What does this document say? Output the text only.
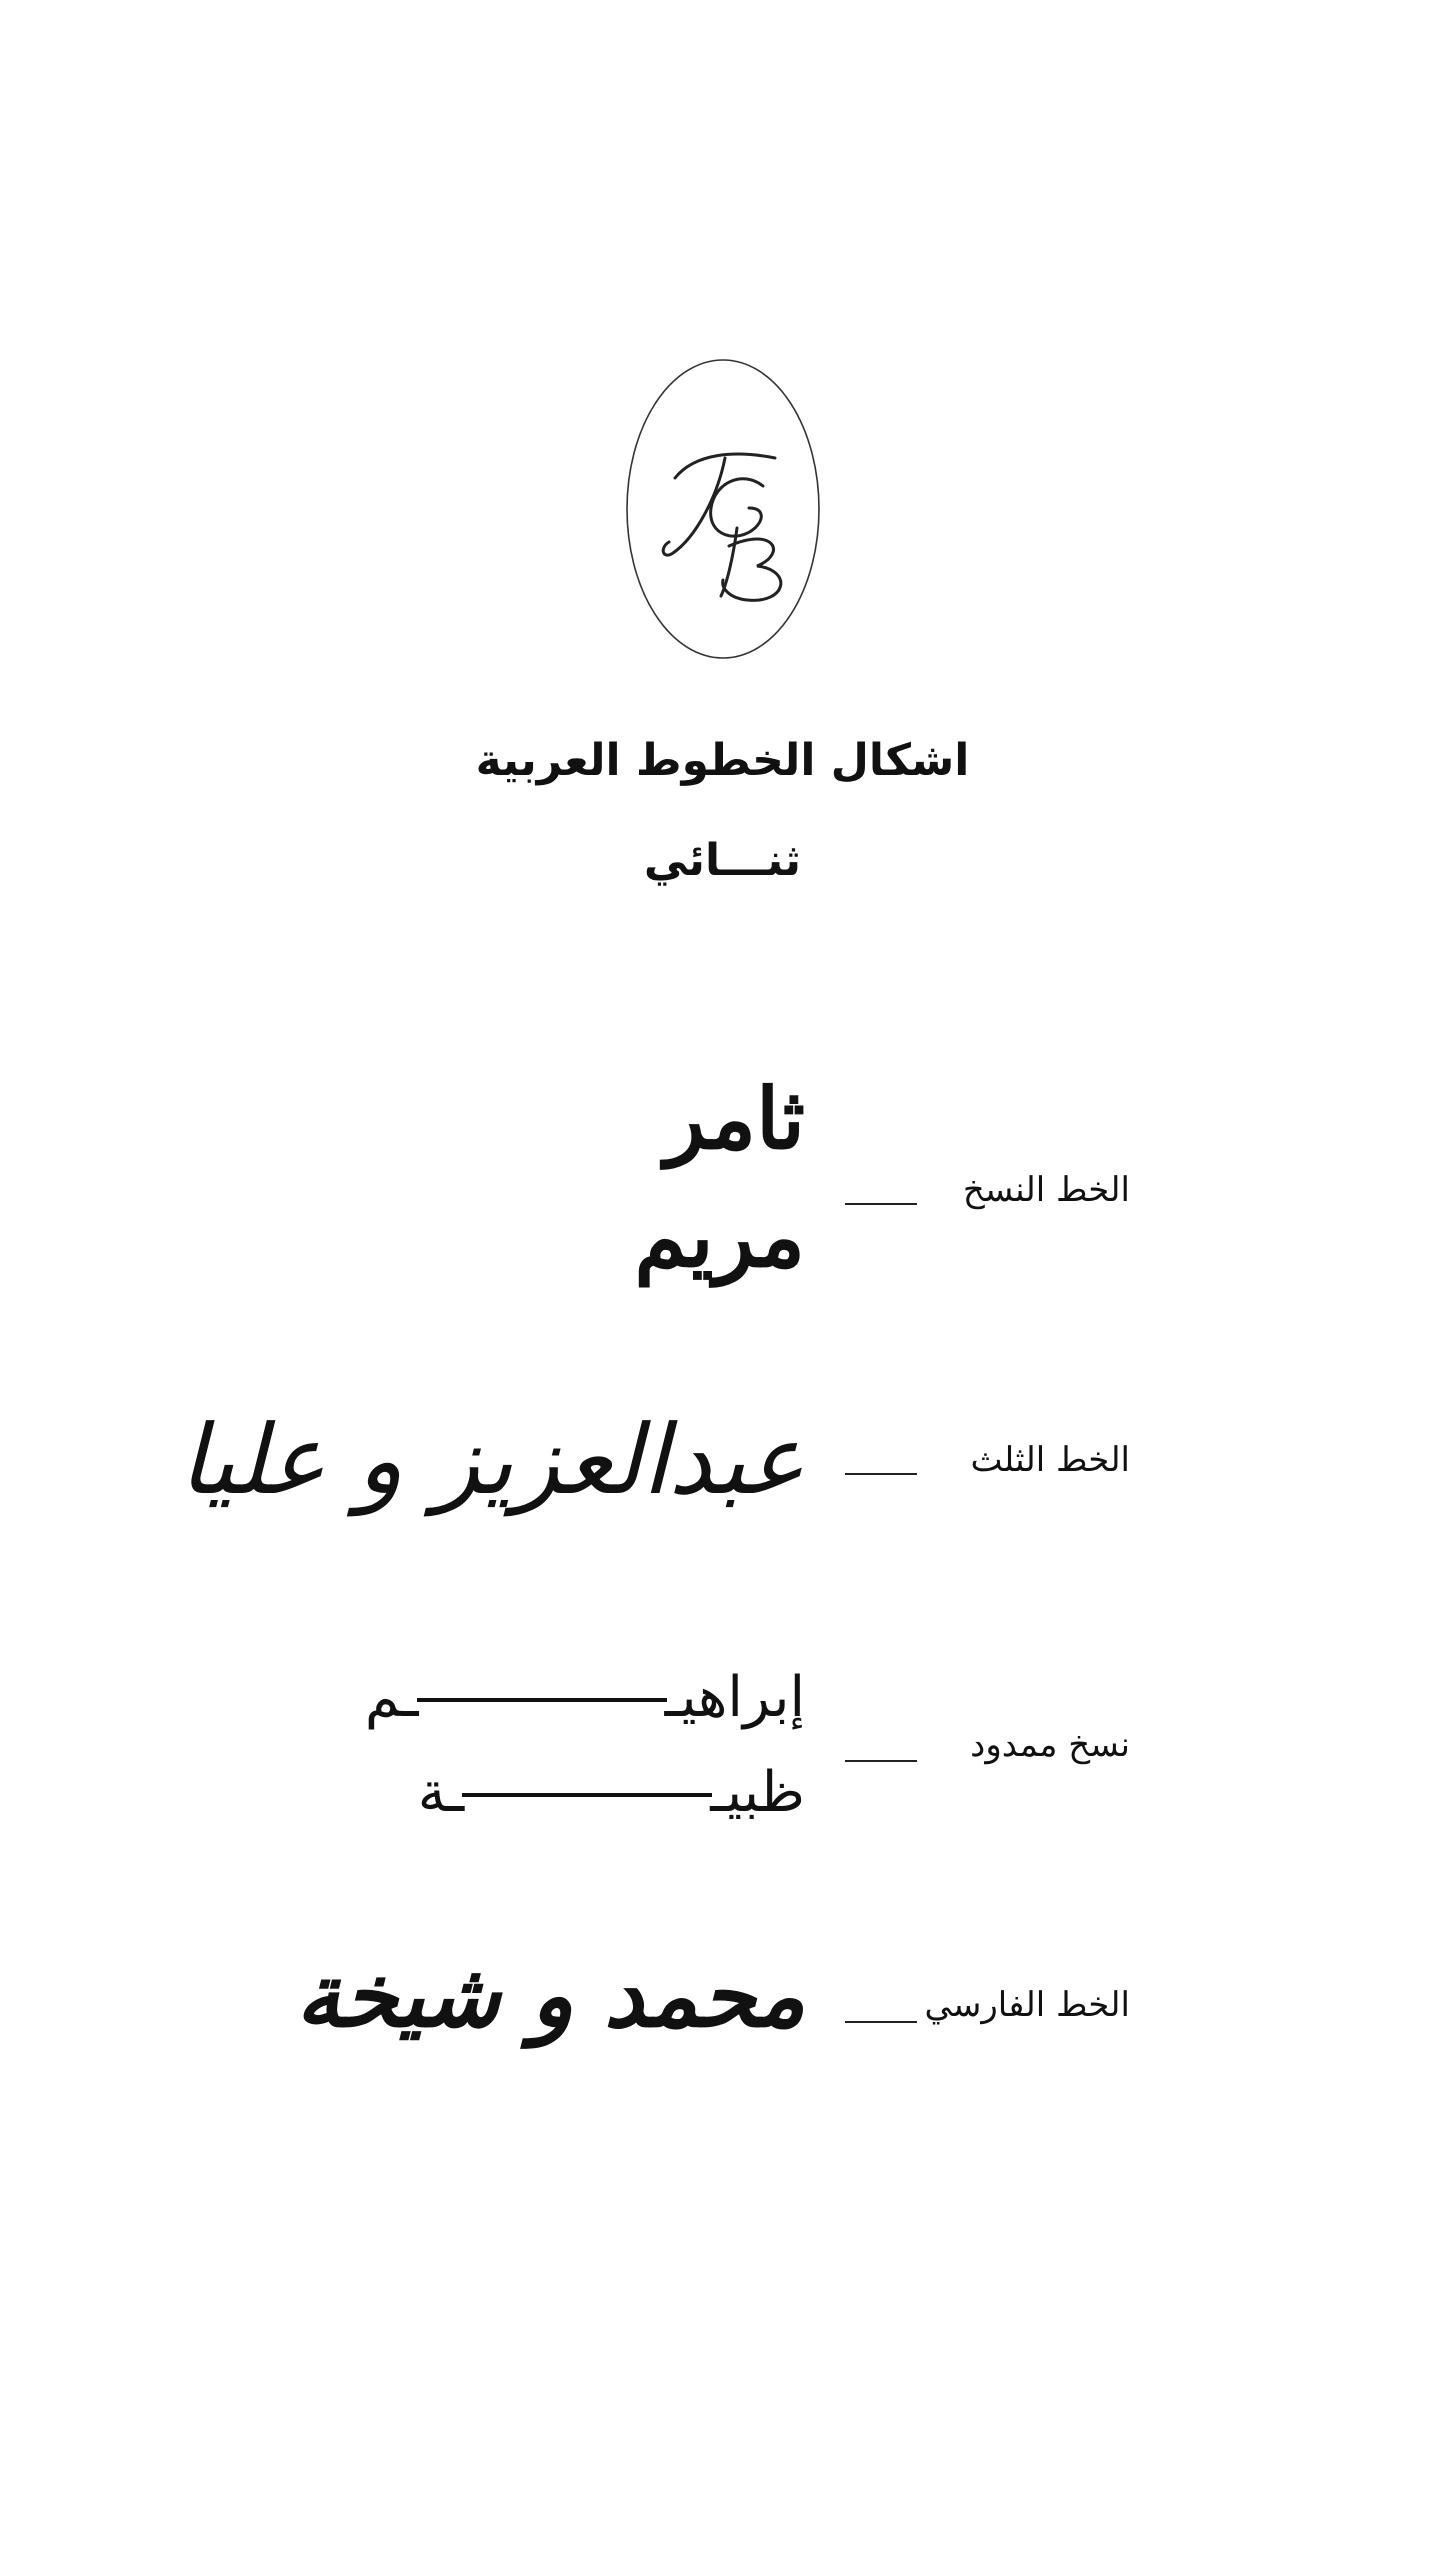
اشكال الخطوط العربية
ثنـــائي
الخط النسخ
ثامر
مريم
الخط الثلث
عبدالعزيز و عليا
نسخ ممدود
إبراهيــم
ظبيــة
الخط الفارسي
محمد و شيخة
